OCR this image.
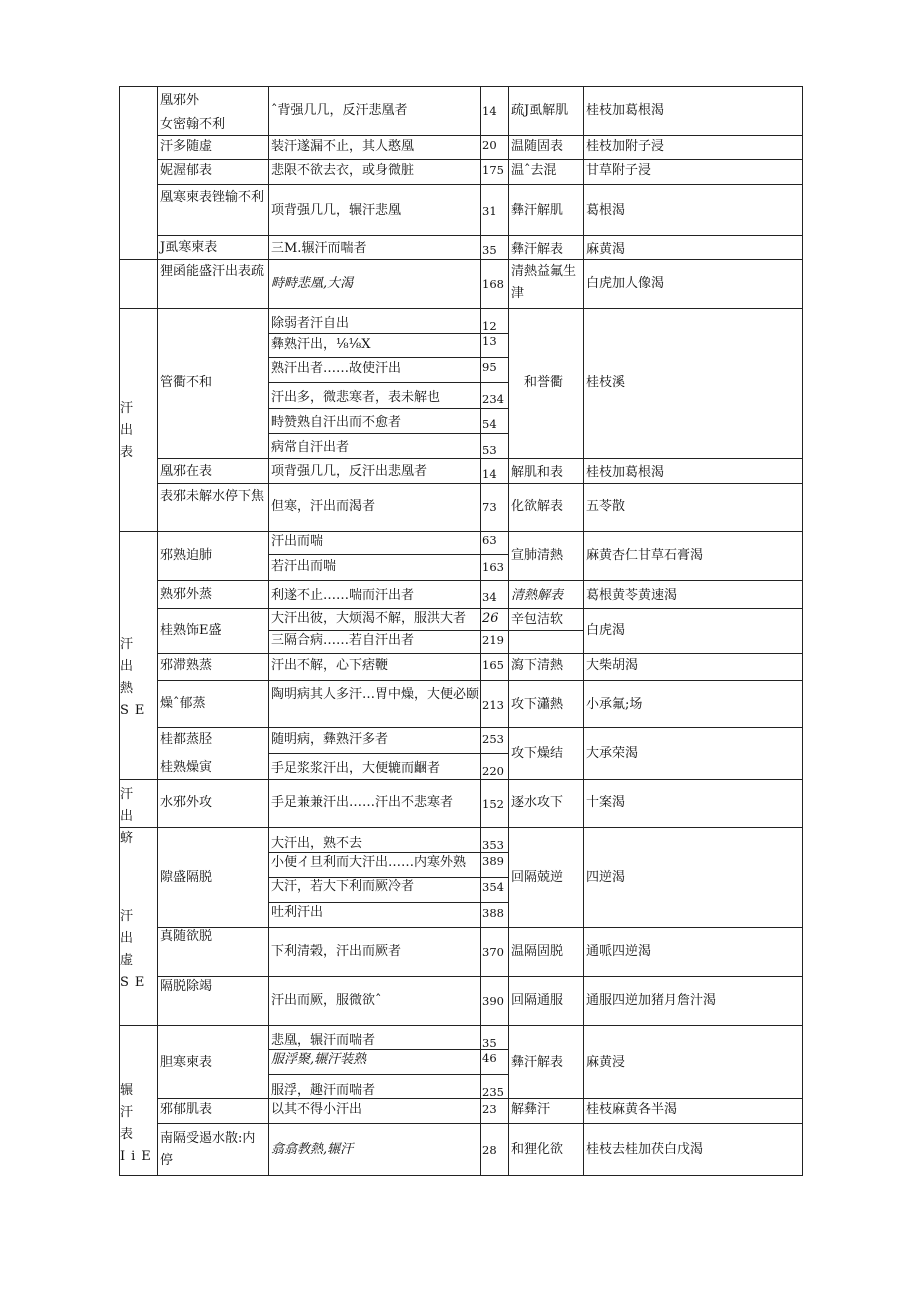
汗出表
汗出熱SE
汗出蛴
汗出虚SE
辗汗表IiE
凰邪外
女密翰不利
汗多随虚
妮渥郁表
凰寒柬表锉输不利
J虱寒柬表
狸函能盛汗出表疏
管衢不和
凰邪在表
表邪未解水停下焦
邪熟迫肺
熟邪外蒸
桂熟饰E盛
邪滞熟蒸
燥ˆ郁蒸
桂都蒸胫
桂熟燥寅
水邪外攻
隙盛隔脱
真随欲脱
隔脱除竭
胆寒柬表
邪郁肌表
南隔受遏水散:内停
ˆ背强几几，反汗悲凰者
装汗遂漏不止，其人憨凰
悲限不欲去衣，或身微脏
项背强几几，辗汗悲凰
三M.辗汗而喘者
畤畤悲凰,大渴
除弱者汗自出
彝熟汗出，⅛⅛X
熟汗出者……故使汗出
汗出多，微悲寒者，表未解也
畤赞熟自汗出而不愈者
病常自汗出者
项背强几几，反汗出悲凰者
但寒，汗出而渴者
汗出而喘
若汗出而喘
利遂不止……喘而汗出者
大汗出彼，大烦渴不解，服洪大者
三隔合病……若自汗出者
汗出不解，心下痞鞭
陶明病其人多汗…胃中燥，大便必颐
随明病，彝熟汗多者
手足浆浆汗出，大便辘而齫者
手足兼兼汗出……汗出不悲寒者
大汗出，熟不去
小便イ旦利而大汗出……内寒外熟
大汗，若大下利而厥冷者
吐利汗出
下利清榖，汗出而厥者
汗出而厥，服微欲ˆ
悲凰，辗汗而喘者
服浮聚,辗汗装熟
服浮，趣汗而喘者
以其不得小汗出
翕翕教熱,辗汗
14
20
175
31
35
168
12
13
95
234
54
53
14
73
63
163
34
26
219
165
213
253
220
152
353
389
354
388
370
390
35
46
235
23
28
疏J虱解肌
温随固表
温ˆ去混
彝汗解肌
彝汗解表
清熱益氟生津
和誉衢
解肌和表
化欲解表
宣肺清熱
清熱解表
辛包洁软
瀉下清熱
攻下瀟熱
攻下燥结
逐水攻下
回隔兢逆
温隔固脱
回隔通服
彝汗解表
解彝汗
和狸化欲
桂枝加葛根渴
桂枝加附子浸
甘草附子浸
葛根渴
麻黄渴
白虎加人像渴
桂枝溪
桂枝加葛根渴
五苓散
麻黄杏仁甘草石膏渴
葛根黄苓黄速渴
白虎渴
大柴胡渴
小承氟;场
大承荣渴
十案渴
四逆渴
通哌四逆渴
通服四逆加猪月詹汁渴
麻黄浸
桂枝麻黄各半渴
桂枝去桂加茯白戊渴
